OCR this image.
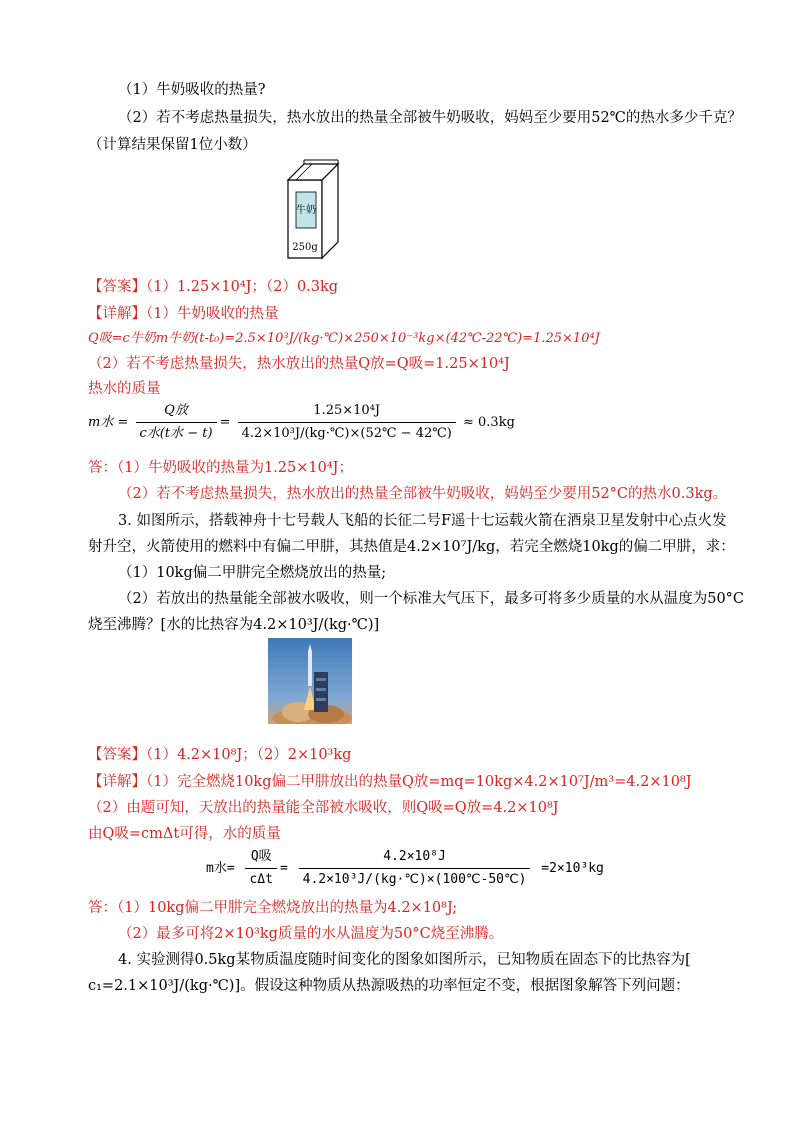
（1）牛奶吸收的热量?
（2）若不考虑热量损失，热水放出的热量全部被牛奶吸收，妈妈至少要用52℃的热水多少千克？
（计算结果保留1位小数）
牛奶
250g
【答案】（1）1.25×10⁴J；（2）0.3kg
【详解】（1）牛奶吸收的热量
Q吸=c牛奶m牛奶(t-t₀)=2.5×10³J/(kg·℃)×250×10⁻³kg×(42℃-22℃)=1.25×10⁴J
（2）若不考虑热量损失，热水放出的热量Q放=Q吸=1.25×10⁴J
热水的质量
m水 = $\frac{\text{Q放}}{\text{c水(t水 − t)}} = \frac{\text{1.25×10⁴J}}{\text{4.2×10³J/(kg·℃)×(52℃ − 42℃)}} \approx 0.3kg$
答：（1）牛奶吸收的热量为1.25×10⁴J；
（2）若不考虑热量损失，热水放出的热量全部被牛奶吸收，妈妈至少要用52°C的热水0.3kg。
3. 如图所示，搭载神舟十七号载人飞船的长征二号F遥十七运载火箭在酒泉卫星发射中心点火发
射升空，火箭使用的燃料中有偏二甲肼，其热值是4.2×10⁷J/kg，若完全燃烧10kg的偏二甲肼，求：
（1）10kg偏二甲肼完全燃烧放出的热量;
（2）若放出的热量能全部被水吸收，则一个标准大气压下，最多可将多少质量的水从温度为50°C
烧至沸腾？[水的比热容为4.2×10³J/(kg·℃)]
【答案】（1）4.2×10⁸J；（2）2×10³kg
【详解】（1）完全燃烧10kg偏二甲肼放出的热量Q放=mq=10kg×4.2×10⁷J/m³=4.2×10⁸J
（2）由题可知，天放出的热量能全部被水吸收，则Q吸=Q放=4.2×10⁸J
由Q吸=cmΔt可得，水的质量
m水= $\frac{\text{Q吸}}{\text{cΔt}} = \frac{\text{4.2×10⁸J}}{\text{4.2×10³J/(kg·℃)×(100℃-50℃)}} =2\times 10^3kg$
答：（1）10kg偏二甲肼完全燃烧放出的热量为4.2×10⁸J;
（2）最多可将2×10³kg质量的水从温度为50°C烧至沸腾。
4. 实验测得0.5kg某物质温度随时间变化的图象如图所示，已知物质在固态下的比热容为[
c₁=2.1×10³J/(kg·℃)]。假设这种物质从热源吸热的功率恒定不变，根据图象解答下列问题：
